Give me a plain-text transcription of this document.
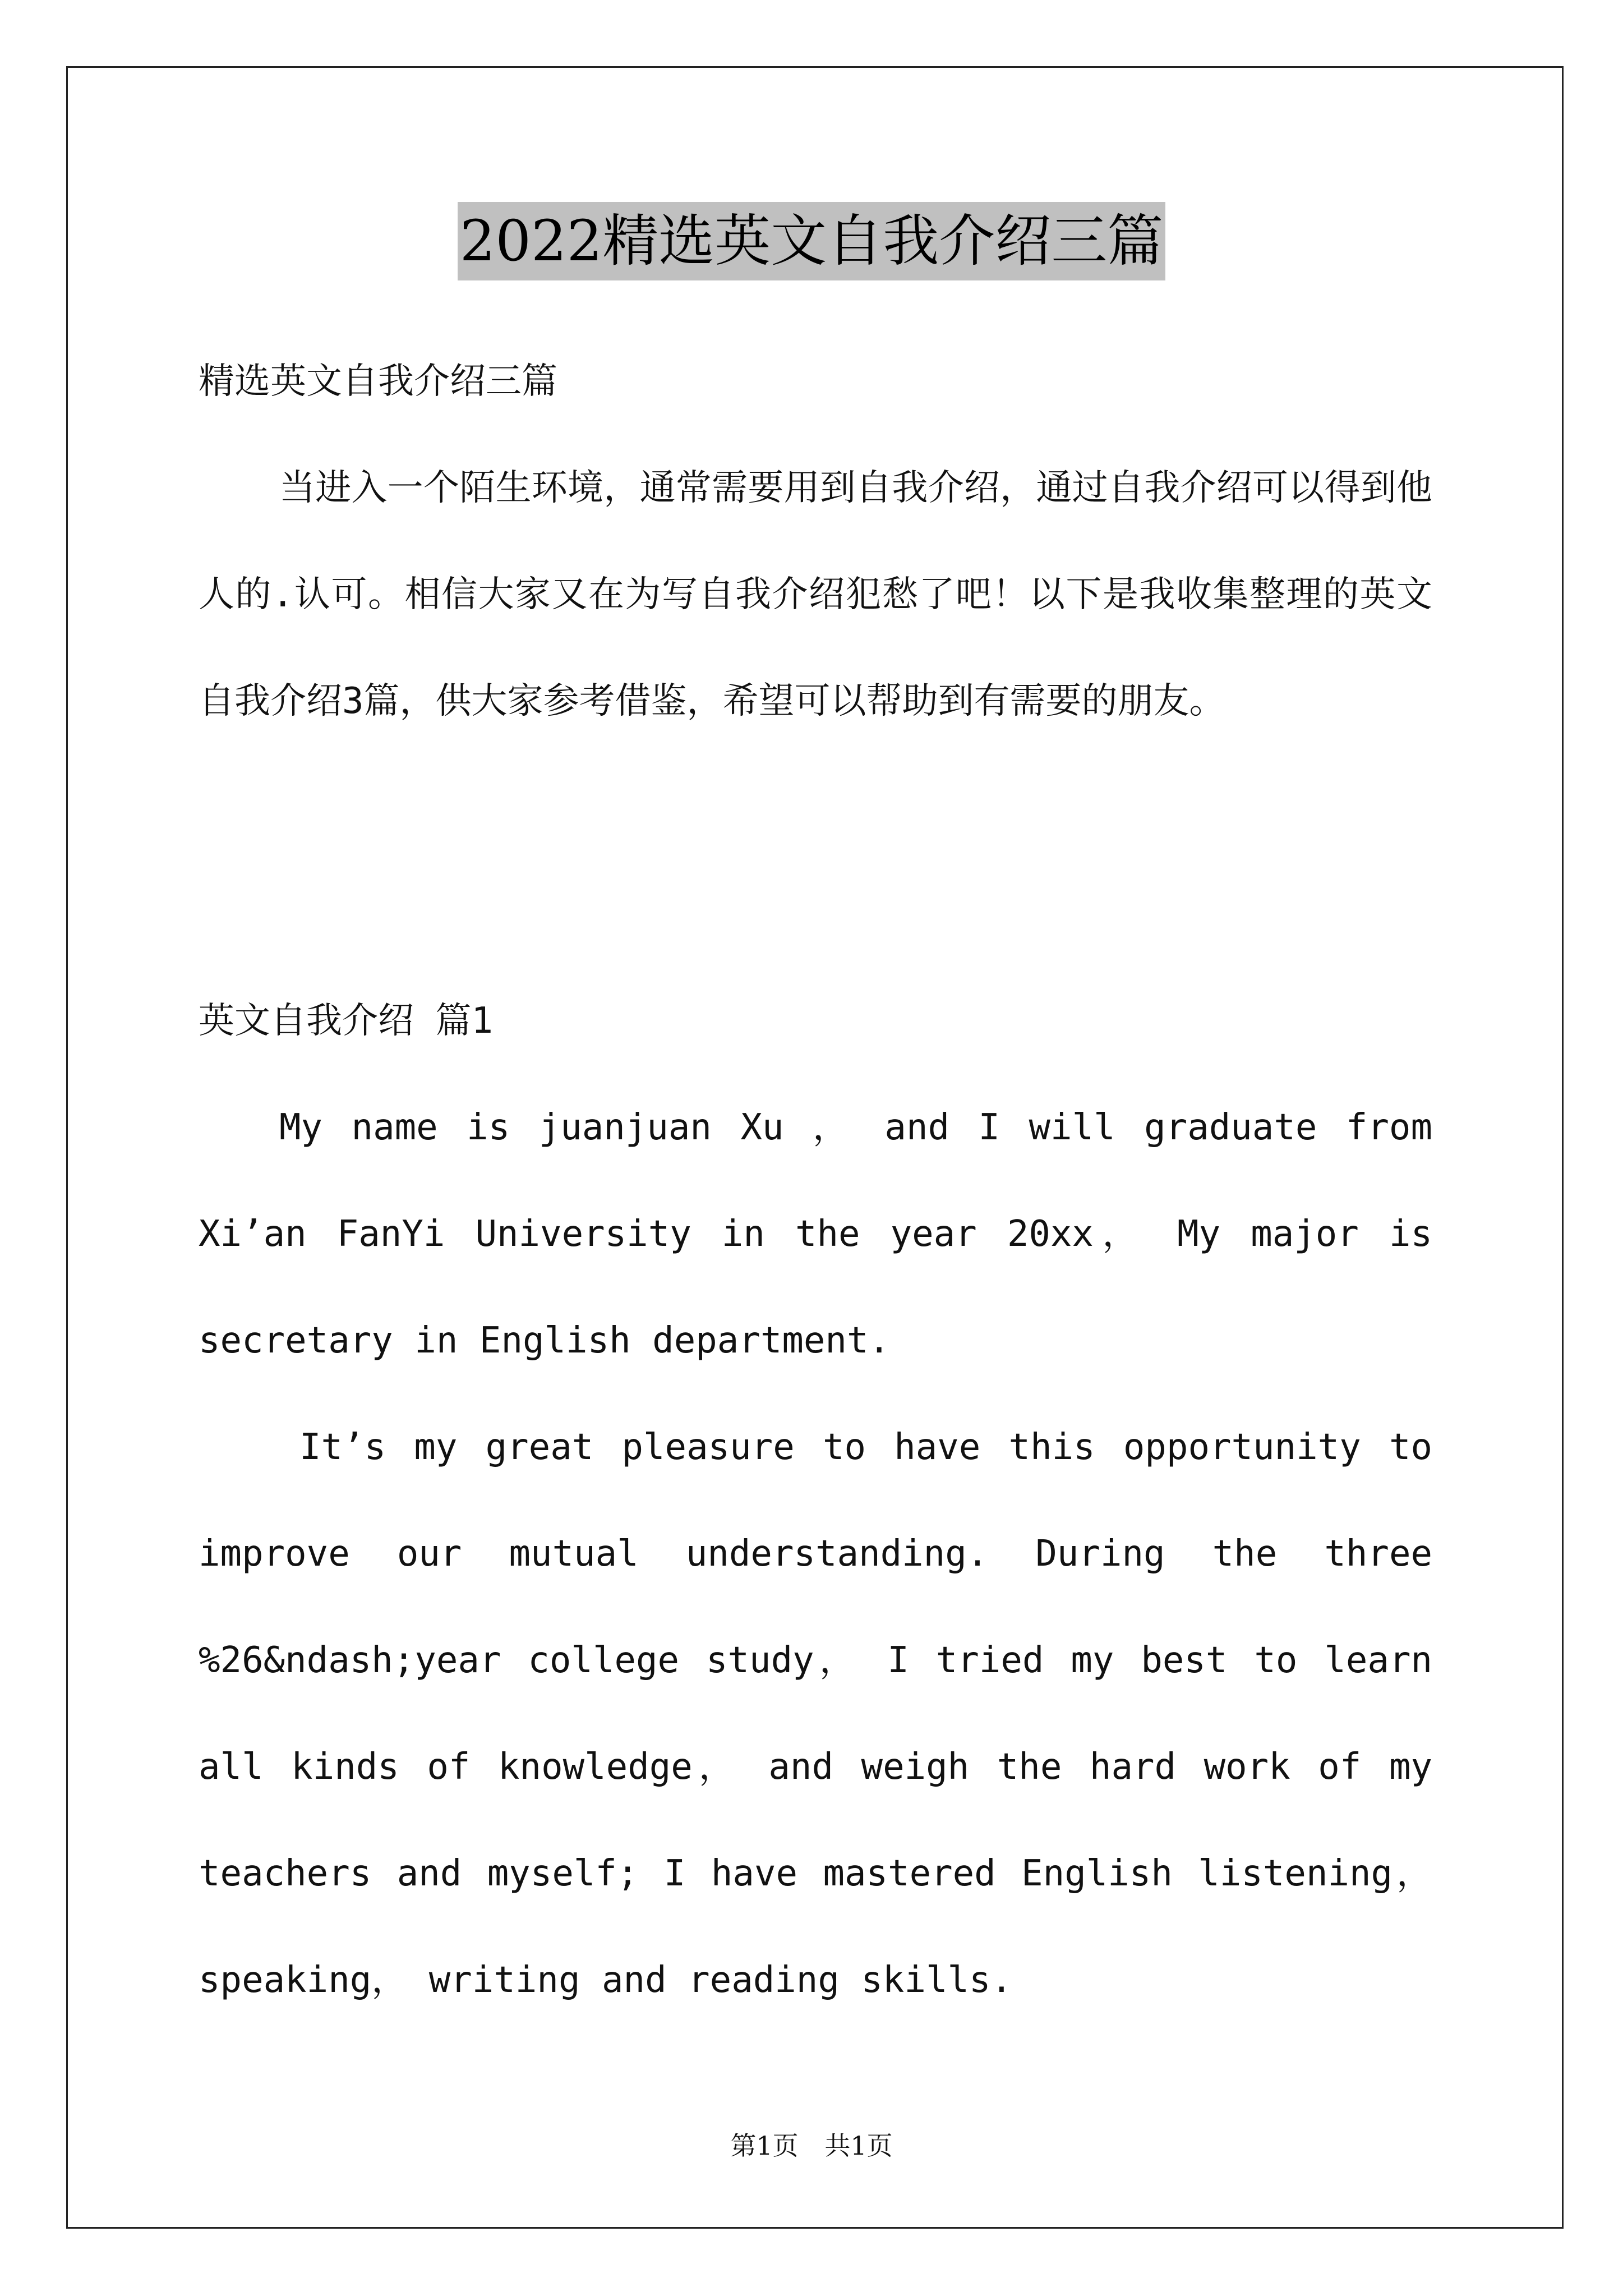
2022精选英文自我介绍三篇

精选英文自我介绍三篇

当进入一个陌生环境，通常需要用到自我介绍，通过自我介绍可以得到他人的.认可。相信大家又在为写自我介绍犯愁了吧！以下是我收集整理的英文自我介绍3篇，供大家参考借鉴，希望可以帮助到有需要的朋友。

英文自我介绍 篇1

My name is juanjuan Xu ， and I will graduate from Xi’an FanYi University in the year 20xx， My major is secretary in English department.

It’s my great pleasure to have this opportunity to improve our mutual understanding. During the three %26&ndash;year college study， I tried my best to learn all kinds of knowledge， and weigh the hard work of my teachers and myself; I have mastered English listening， speaking， writing and reading skills.

第1页 共1页
